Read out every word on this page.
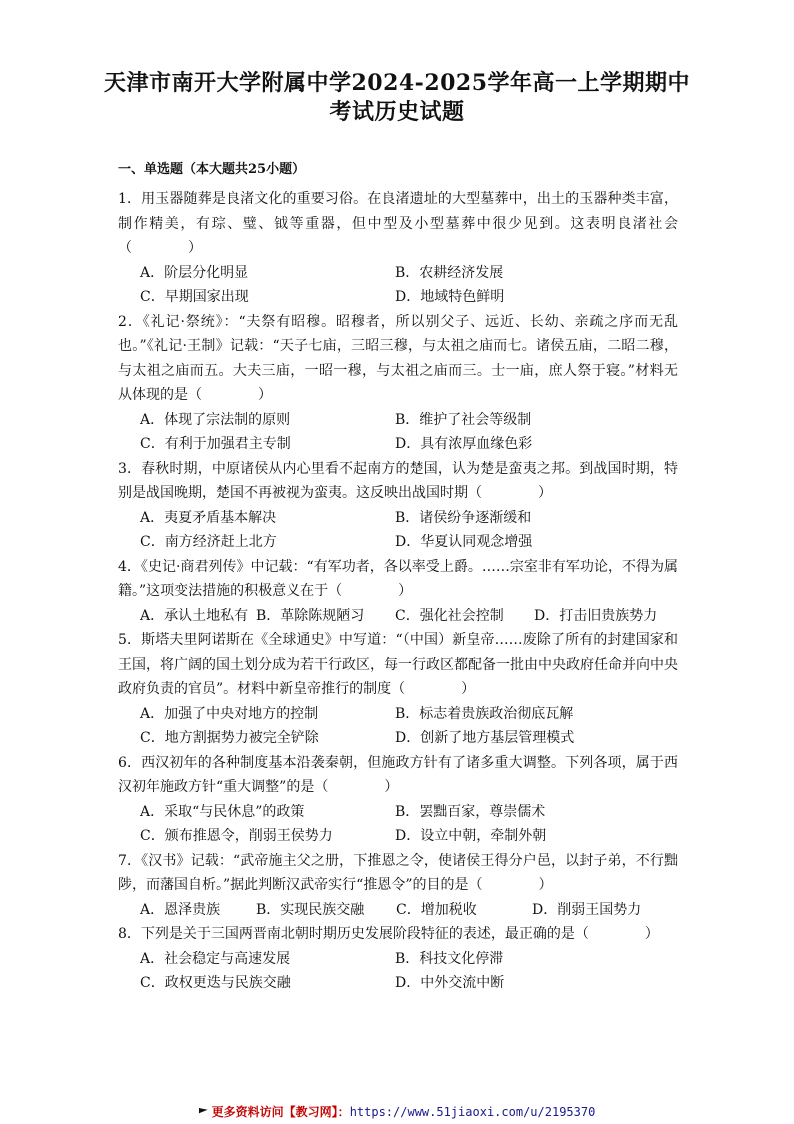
天津市南开大学附属中学2024-2025学年高一上学期期中
考试历史试题
一、单选题（本大题共25小题）
1．用玉器随葬是良渚文化的重要习俗。在良渚遗址的大型墓葬中，出土的玉器种类丰富，制作精美，有琮、璧、钺等重器，但中型及小型墓葬中很少见到。这表明良渚社会（　　　　）
A．阶层分化明显	B．农耕经济发展
C．早期国家出现	D．地域特色鲜明
2．《礼记·祭统》：“夫祭有昭穆。昭穆者，所以别父子、远近、长幼、亲疏之序而无乱也。”《礼记·王制》记载：“天子七庙，三昭三穆，与太祖之庙而七。诸侯五庙，二昭二穆，与太祖之庙而五。大夫三庙，一昭一穆，与太祖之庙而三。士一庙，庶人祭于寝。”材料无从体现的是（　　　　）
A．体现了宗法制的原则	B．维护了社会等级制
C．有利于加强君主专制	D．具有浓厚血缘色彩
3．春秋时期，中原诸侯从内心里看不起南方的楚国，认为楚是蛮夷之邦。到战国时期，特别是战国晚期，楚国不再被视为蛮夷。这反映出战国时期（　　　　）
A．夷夏矛盾基本解决	B．诸侯纷争逐渐缓和
C．南方经济赶上北方	D．华夏认同观念增强
4．《史记·商君列传》中记载：“有军功者，各以率受上爵。……宗室非有军功论，不得为属籍。”这项变法措施的积极意义在于（　　　　）
A．承认土地私有 B．革除陈规陋习	C．强化社会控制	D．打击旧贵族势力
5．斯塔夫里阿诺斯在《全球通史》中写道：“（中国）新皇帝……废除了所有的封建国家和王国，将广阔的国土划分成为若干行政区，每一行政区都配备一批由中央政府任命并向中央政府负责的官员”。材料中新皇帝推行的制度（　　　　）
A．加强了中央对地方的控制	B．标志着贵族政治彻底瓦解
C．地方割据势力被完全铲除	D．创新了地方基层管理模式
6．西汉初年的各种制度基本沿袭秦朝，但施政方针有了诸多重大调整。下列各项，属于西汉初年施政方针“重大调整”的是（　　　　）
A．采取“与民休息”的政策	B．罢黜百家，尊崇儒术
C．颁布推恩令，削弱王侯势力	D．设立中朝，牵制外朝
7．《汉书》记载：“武帝施主父之册，下推恩之令，使诸侯王得分户邑，以封子弟，不行黜陟，而藩国自析。”据此判断汉武帝实行“推恩令”的目的是（　　　　）
A．恩泽贵族	B．实现民族交融	C．增加税收	D．削弱王国势力
8．下列是关于三国两晋南北朝时期历史发展阶段特征的表述，最正确的是（　　　　）
A．社会稳定与高速发展	B．科技文化停滞
C．政权更迭与民族交融	D．中外交流中断
更多资料访问【教习网】：https://www.51jiaoxi.com/u/2195370
